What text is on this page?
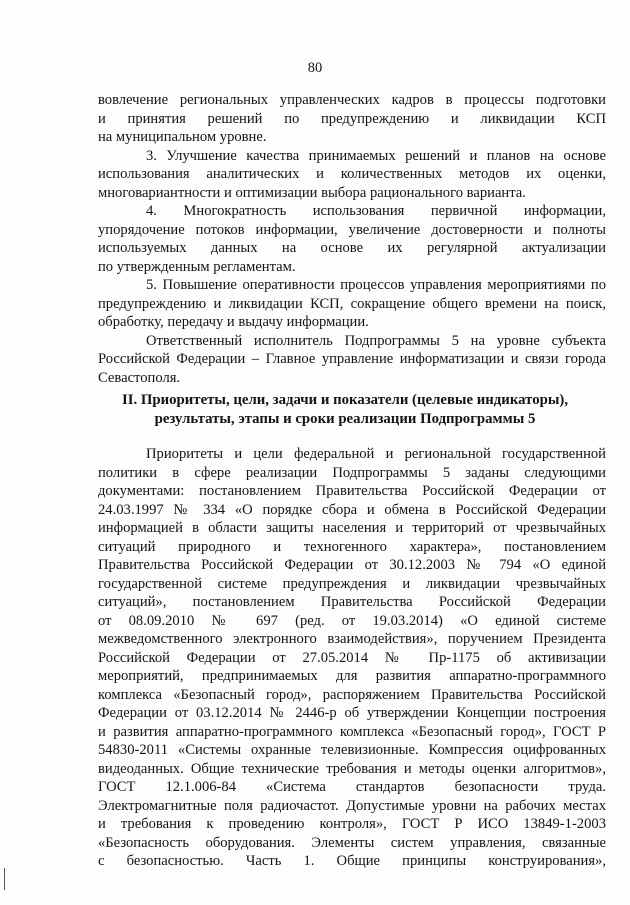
80
вовлечение региональных управленческих кадров в процессы подготовки
и принятия решений по предупреждению и ликвидации КСП
на муниципальном уровне.
3. Улучшение качества принимаемых решений и планов на основе
использования аналитических и количественных методов их оценки,
многовариантности и оптимизации выбора рационального варианта.
4. Многократность использования первичной информации,
упорядочение потоков информации, увеличение достоверности и полноты
используемых данных на основе их регулярной актуализации
по утвержденным регламентам.
5. Повышение оперативности процессов управления мероприятиями по
предупреждению и ликвидации КСП, сокращение общего времени на поиск,
обработку, передачу и выдачу информации.
Ответственный исполнитель Подпрограммы 5 на уровне субъекта
Российской Федерации – Главное управление информатизации и связи города
Севастополя.
II. Приоритеты, цели, задачи и показатели (целевые индикаторы),
результаты, этапы и сроки реализации Подпрограммы 5
Приоритеты и цели федеральной и региональной государственной
политики в сфере реализации Подпрограммы 5 заданы следующими
документами: постановлением Правительства Российской Федерации от
24.03.1997 № 334 «О порядке сбора и обмена в Российской Федерации
информацией в области защиты населения и территорий от чрезвычайных
ситуаций природного и техногенного характера», постановлением
Правительства Российской Федерации от 30.12.2003 № 794 «О единой
государственной системе предупреждения и ликвидации чрезвычайных
ситуаций», постановлением Правительства Российской Федерации
от 08.09.2010 № 697 (ред. от 19.03.2014) «О единой системе
межведомственного электронного взаимодействия», поручением Президента
Российской Федерации от 27.05.2014 № Пр-1175 об активизации
мероприятий, предпринимаемых для развития аппаратно-программного
комплекса «Безопасный город», распоряжением Правительства Российской
Федерации от 03.12.2014 № 2446-р об утверждении Концепции построения
и развития аппаратно-программного комплекса «Безопасный город», ГОСТ Р
54830-2011 «Системы охранные телевизионные. Компрессия оцифрованных
видеоданных. Общие технические требования и методы оценки алгоритмов»,
ГОСТ 12.1.006-84 «Система стандартов безопасности труда.
Электромагнитные поля радиочастот. Допустимые уровни на рабочих местах
и требования к проведению контроля», ГОСТ Р ИСО 13849-1-2003
«Безопасность оборудования. Элементы систем управления, связанные
с безопасностью. Часть 1. Общие принципы конструирования»,
